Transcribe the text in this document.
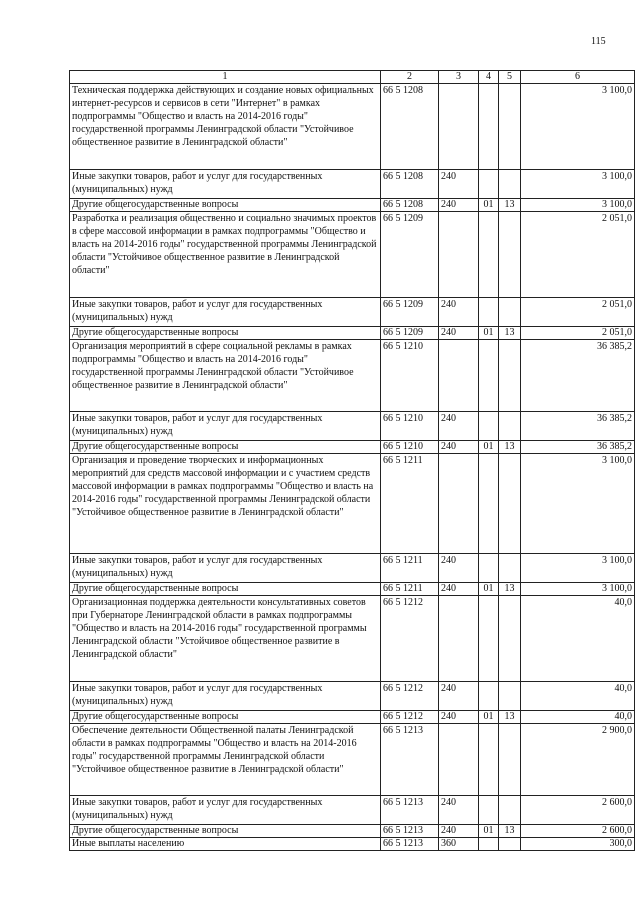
115
1	2	3	4	5	6
Техническая поддержка действующих и создание новых официальных интернет-ресурсов и сервисов в сети "Интернет" в рамках подпрограммы "Общество и власть на 2014-2016 годы" государственной программы Ленинградской области "Устойчивое общественное развитие в Ленинградской области"	66 5 1208				3 100,0
Иные закупки товаров, работ и услуг для государственных (муниципальных) нужд	66 5 1208	240			3 100,0
Другие общегосударственные вопросы	66 5 1208	240	01	13	3 100,0
Разработка и реализация общественно и социально значимых проектов в сфере массовой информации в рамках подпрограммы "Общество и власть на 2014-2016 годы" государственной программы Ленинградской области "Устойчивое общественное развитие в Ленинградской области"	66 5 1209				2 051,0
Иные закупки товаров, работ и услуг для государственных (муниципальных) нужд	66 5 1209	240			2 051,0
Другие общегосударственные вопросы	66 5 1209	240	01	13	2 051,0
Организация мероприятий в сфере социальной рекламы в рамках подпрограммы "Общество и власть на 2014-2016 годы" государственной программы Ленинградской области "Устойчивое общественное развитие в Ленинградской области"	66 5 1210				36 385,2
Иные закупки товаров, работ и услуг для государственных (муниципальных) нужд	66 5 1210	240			36 385,2
Другие общегосударственные вопросы	66 5 1210	240	01	13	36 385,2
Организация и проведение творческих и информационных мероприятий для средств массовой информации и с участием средств массовой информации в рамках подпрограммы "Общество и власть на 2014-2016 годы" государственной программы Ленинградской области "Устойчивое общественное развитие в Ленинградской области"	66 5 1211				3 100,0
Иные закупки товаров, работ и услуг для государственных (муниципальных) нужд	66 5 1211	240			3 100,0
Другие общегосударственные вопросы	66 5 1211	240	01	13	3 100,0
Организационная поддержка деятельности консультативных советов при Губернаторе Ленинградской области в рамках подпрограммы "Общество и власть на 2014-2016 годы" государственной программы Ленинградской области "Устойчивое общественное развитие в Ленинградской области"	66 5 1212				40,0
Иные закупки товаров, работ и услуг для государственных (муниципальных) нужд	66 5 1212	240			40,0
Другие общегосударственные вопросы	66 5 1212	240	01	13	40,0
Обеспечение деятельности Общественной палаты Ленинградской области в рамках подпрограммы "Общество и власть на 2014-2016 годы" государственной программы Ленинградской области "Устойчивое общественное развитие в Ленинградской области"	66 5 1213				2 900,0
Иные закупки товаров, работ и услуг для государственных (муниципальных) нужд	66 5 1213	240			2 600,0
Другие общегосударственные вопросы	66 5 1213	240	01	13	2 600,0
Иные выплаты населению	66 5 1213	360			300,0
